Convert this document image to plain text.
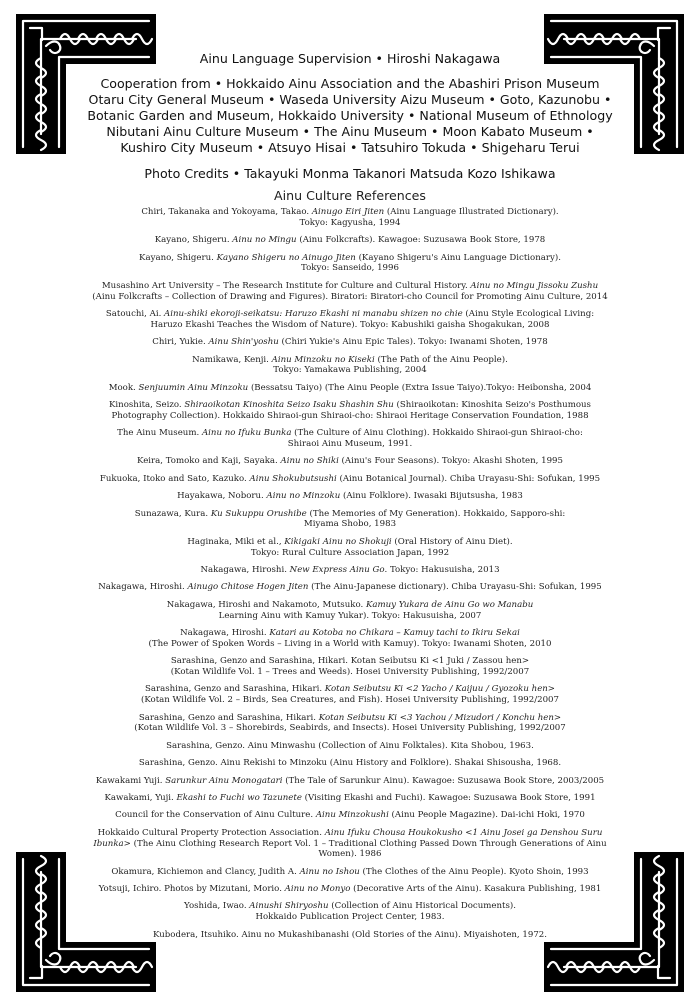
Ainu Language Supervision • Hiroshi Nakagawa
Cooperation from • Hokkaido Ainu Association and the Abashiri Prison Museum
Otaru City General Museum • Waseda University Aizu Museum • Goto, Kazunobu •
Botanic Garden and Museum, Hokkaido University • National Museum of Ethnology
Nibutani Ainu Culture Museum • The Ainu Museum • Moon Kabato Museum •
Kushiro City Museum • Atsuyo Hisai • Tatsuhiro Tokuda • Shigeharu Terui
Photo Credits • Takayuki Monma Takanori Matsuda Kozo Ishikawa
Ainu Culture References
Chiri, Takanaka and Yokoyama, Takao. Ainugo Eiri Jiten (Ainu Language Illustrated Dictionary).
Tokyo: Kagyusha, 1994
Kayano, Shigeru. Ainu no Mingu (Ainu Folkcrafts). Kawagoe: Suzusawa Book Store, 1978
Kayano, Shigeru. Kayano Shigeru no Ainugo Jiten (Kayano Shigeru's Ainu Language Dictionary).
Tokyo: Sanseido, 1996
Musashino Art University – The Research Institute for Culture and Cultural History. Ainu no Mingu Jissoku Zushu
(Ainu Folkcrafts – Collection of Drawing and Figures). Biratori: Biratori-cho Council for Promoting Ainu Culture, 2014
Satouchi, Ai. Ainu-shiki ekoroji-seikatsu: Haruzo Ekashi ni manabu shizen no chie (Ainu Style Ecological Living:
Haruzo Ekashi Teaches the Wisdom of Nature). Tokyo: Kabushiki gaisha Shogakukan, 2008
Chiri, Yukie. Ainu Shin'yoshu (Chiri Yukie's Ainu Epic Tales). Tokyo: Iwanami Shoten, 1978
Namikawa, Kenji. Ainu Minzoku no Kiseki (The Path of the Ainu People).
Tokyo: Yamakawa Publishing, 2004
Mook. Senjuumin Ainu Minzoku (Bessatsu Taiyo) (The Ainu People (Extra Issue Taiyo).Tokyo: Heibonsha, 2004
Kinoshita, Seizo. Shiraoikotan Kinoshita Seizo Isaku Shashin Shu (Shiraoikotan: Kinoshita Seizo's Posthumous
Photography Collection). Hokkaido Shiraoi-gun Shiraoi-cho: Shiraoi Heritage Conservation Foundation, 1988
The Ainu Museum. Ainu no Ifuku Bunka (The Culture of Ainu Clothing). Hokkaido Shiraoi-gun Shiraoi-cho:
Shiraoi Ainu Museum, 1991.
Keira, Tomoko and Kaji, Sayaka. Ainu no Shiki (Ainu's Four Seasons). Tokyo: Akashi Shoten, 1995
Fukuoka, Itoko and Sato, Kazuko. Ainu Shokubutsushi (Ainu Botanical Journal). Chiba Urayasu-Shi: Sofukan, 1995
Hayakawa, Noboru. Ainu no Minzoku (Ainu Folklore). Iwasaki Bijutsusha, 1983
Sunazawa, Kura. Ku Sukuppu Orushibe (The Memories of My Generation). Hokkaido, Sapporo-shi:
Miyama Shobo, 1983
Haginaka, Miki et al., Kikigaki Ainu no Shokuji (Oral History of Ainu Diet).
Tokyo: Rural Culture Association Japan, 1992
Nakagawa, Hiroshi. New Express Ainu Go. Tokyo: Hakusuisha, 2013
Nakagawa, Hiroshi. Ainugo Chitose Hogen Jiten (The Ainu-Japanese dictionary). Chiba Urayasu-Shi: Sofukan, 1995
Nakagawa, Hiroshi and Nakamoto, Mutsuko. Kamuy Yukara de Ainu Go wo Manabu
Learning Ainu with Kamuy Yukar). Tokyo: Hakusuisha, 2007
Nakagawa, Hiroshi. Katari au Kotoba no Chikara – Kamuy tachi to Ikiru Sekai
(The Power of Spoken Words – Living in a World with Kamuy). Tokyo: Iwanami Shoten, 2010
Sarashina, Genzo and Sarashina, Hikari. Kotan Seibutsu Ki <1 Juki / Zassou hen>
(Kotan Wildlife Vol. 1 – Trees and Weeds). Hosei University Publishing, 1992/2007
Sarashina, Genzo and Sarashina, Hikari. Kotan Seibutsu Ki <2 Yacho / Kaijuu / Gyozoku hen>
(Kotan Wildlife Vol. 2 – Birds, Sea Creatures, and Fish). Hosei University Publishing, 1992/2007
Sarashina, Genzo and Sarashina, Hikari. Kotan Seibutsu Ki <3 Yachou / Mizudori / Konchu hen>
(Kotan Wildlife Vol. 3 – Shorebirds, Seabirds, and Insects). Hosei University Publishing, 1992/2007
Sarashina, Genzo. Ainu Minwashu (Collection of Ainu Folktales). Kita Shobou, 1963.
Sarashina, Genzo. Ainu Rekishi to Minzoku (Ainu History and Folklore). Shakai Shisousha, 1968.
Kawakami Yuji. Sarunkur Ainu Monogatari (The Tale of Sarunkur Ainu). Kawagoe: Suzusawa Book Store, 2003/2005
Kawakami, Yuji. Ekashi to Fuchi wo Tazunete (Visiting Ekashi and Fuchi). Kawagoe: Suzusawa Book Store, 1991
Council for the Conservation of Ainu Culture. Ainu Minzokushi (Ainu People Magazine). Dai-ichi Hoki, 1970
Hokkaido Cultural Property Protection Association. Ainu Ifuku Chousa Houkokusho <1 Ainu Josei ga Denshou Suru
Ibunka> (The Ainu Clothing Research Report Vol. 1 – Traditional Clothing Passed Down Through Generations of Ainu
Women). 1986
Okamura, Kichiemon and Clancy, Judith A. Ainu no Ishou (The Clothes of the Ainu People). Kyoto Shoin, 1993
Yotsuji, Ichiro. Photos by Mizutani, Morio. Ainu no Monyo (Decorative Arts of the Ainu). Kasakura Publishing, 1981
Yoshida, Iwao. Ainushi Shiryoshu (Collection of Ainu Historical Documents).
Hokkaido Publication Project Center, 1983.
Kubodera, Itsuhiko. Ainu no Mukashibanashi (Old Stories of the Ainu). Miyaishoten, 1972.
